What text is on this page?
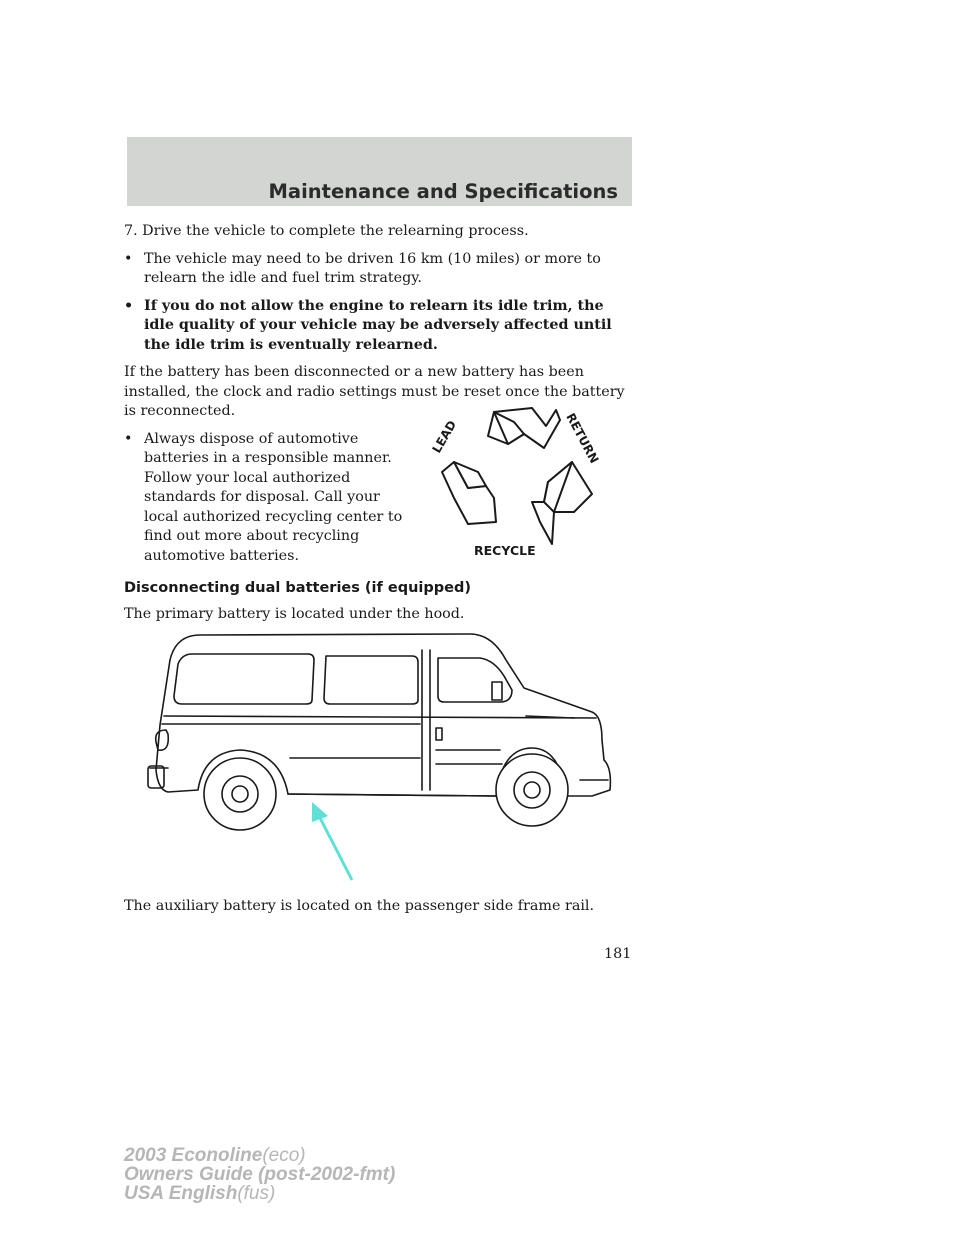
Maintenance and Specifications

7. Drive the vehicle to complete the relearning process.

• The vehicle may need to be driven 16 km (10 miles) or more to relearn the idle and fuel trim strategy.
• If you do not allow the engine to relearn its idle trim, the idle quality of your vehicle may be adversely affected until the idle trim is eventually relearned.

If the battery has been disconnected or a new battery has been installed, the clock and radio settings must be reset once the battery is reconnected.

• Always dispose of automotive batteries in a responsible manner. Follow your local authorized standards for disposal. Call your local authorized recycling center to find out more about recycling automotive batteries.
LEAD	RETURN
RECYCLE
Disconnecting dual batteries (if equipped)
The primary battery is located under the hood.
The auxiliary battery is located on the passenger side frame rail.
181
2003 Econoline(eco)
Owners Guide (post-2002-fmt)
USA English(fus)
